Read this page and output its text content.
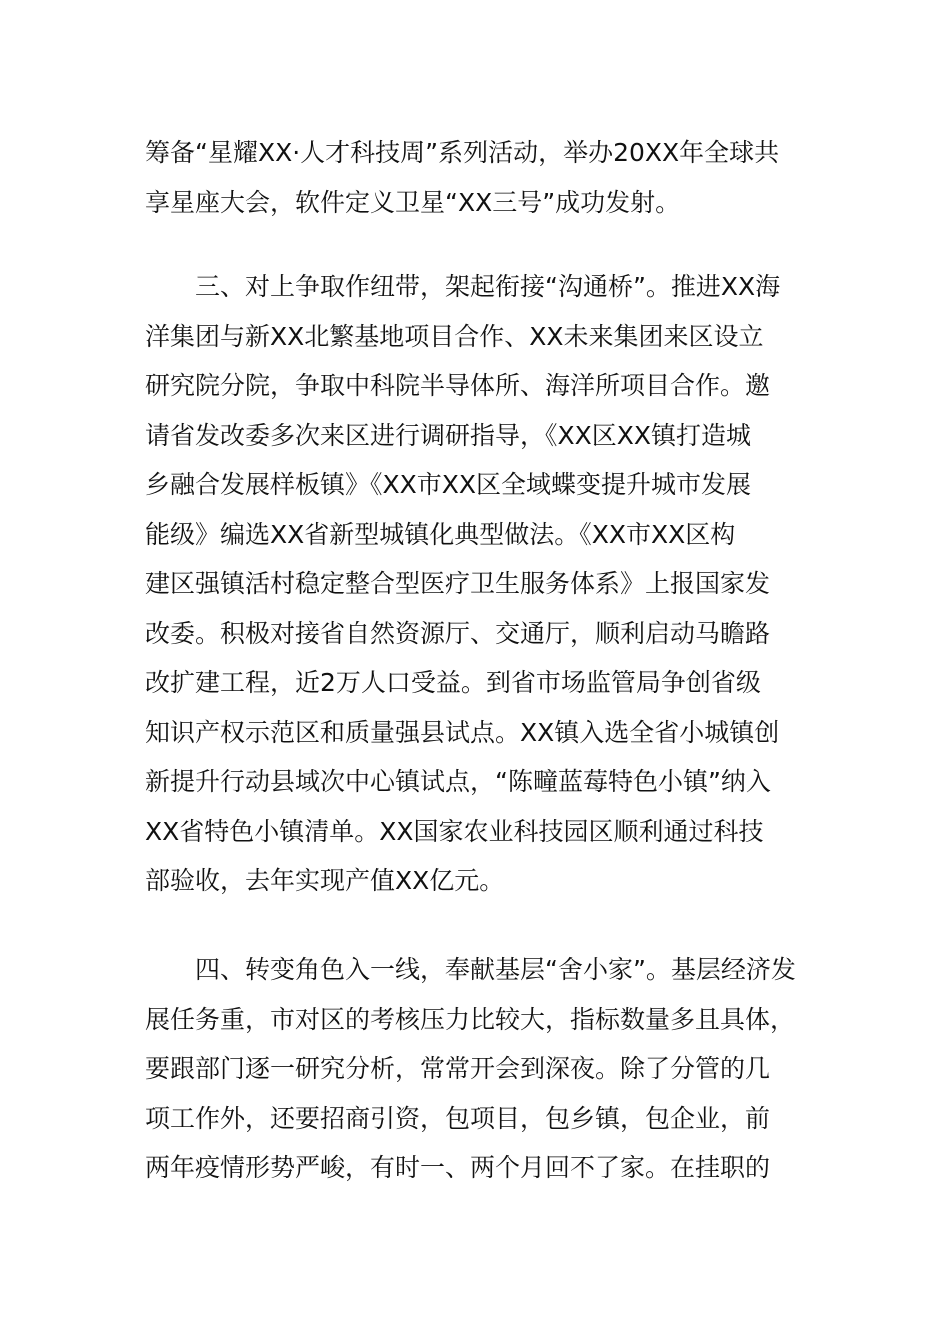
筹备“星耀XX·人才科技周”系列活动，举办20XX年全球共
享星座大会，软件定义卫星“XX三号”成功发射。
三、对上争取作纽带，架起衔接“沟通桥”。推进XX海
洋集团与新XX北繁基地项目合作、XX未来集团来区设立
研究院分院，争取中科院半导体所、海洋所项目合作。邀
请省发改委多次来区进行调研指导，《XX区XX镇打造城
乡融合发展样板镇》《XX市XX区全域蝶变提升城市发展
能级》编选XX省新型城镇化典型做法。《XX市XX区构
建区强镇活村稳定整合型医疗卫生服务体系》上报国家发
改委。积极对接省自然资源厅、交通厅，顺利启动马瞻路
改扩建工程，近2万人口受益。到省市场监管局争创省级
知识产权示范区和质量强县试点。XX镇入选全省小城镇创
新提升行动县域次中心镇试点，“陈疃蓝莓特色小镇”纳入
XX省特色小镇清单。XX国家农业科技园区顺利通过科技
部验收，去年实现产值XX亿元。
四、转变角色入一线，奉献基层“舍小家”。基层经济发
展任务重，市对区的考核压力比较大，指标数量多且具体，
要跟部门逐一研究分析，常常开会到深夜。除了分管的几
项工作外，还要招商引资，包项目，包乡镇，包企业，前
两年疫情形势严峻，有时一、两个月回不了家。在挂职的
